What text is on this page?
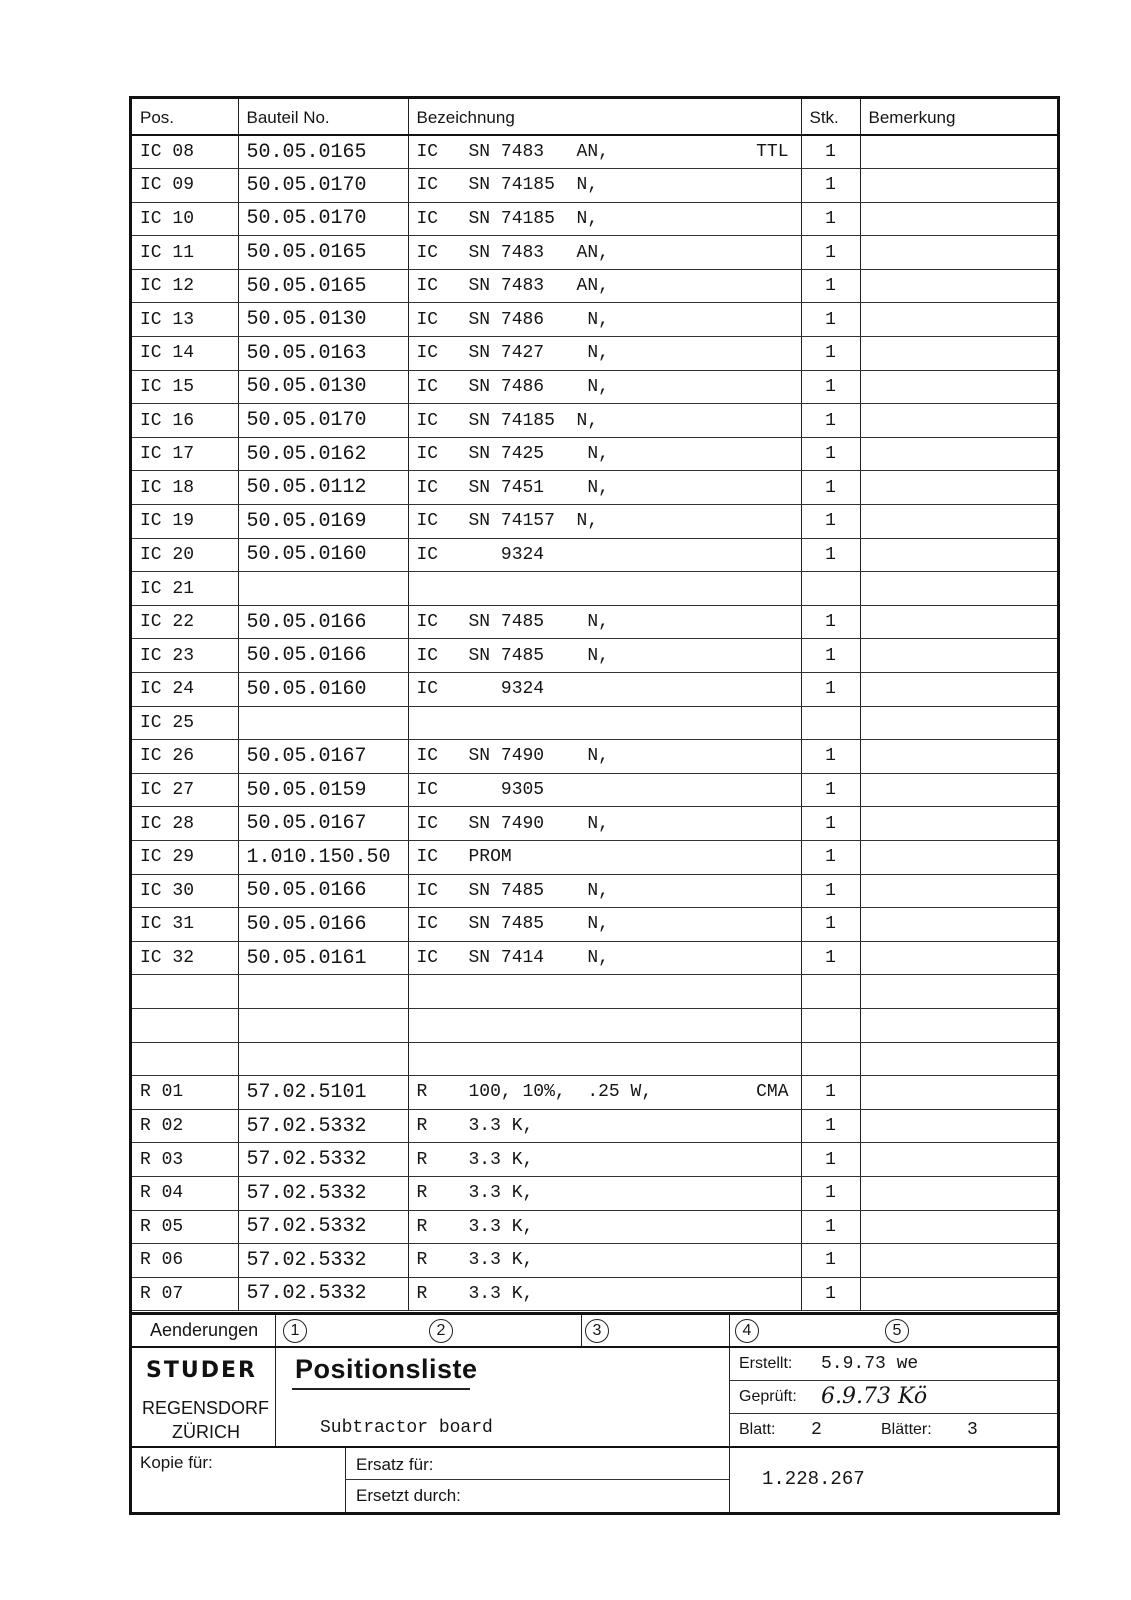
Pos.	Bauteil No.	Bezeichnung	Stk.	Bemerkung
IC 08	50.05.0165	IC SN 7483   AN, TTL	1	
IC 09	50.05.0170	IC SN 74185  N,	1	
IC 10	50.05.0170	IC SN 74185  N,	1	
IC 11	50.05.0165	IC SN 7483   AN,	1	
IC 12	50.05.0165	IC SN 7483   AN,	1	
IC 13	50.05.0130	IC SN 7486    N,	1	
IC 14	50.05.0163	IC SN 7427    N,	1	
IC 15	50.05.0130	IC SN 7486    N,	1	
IC 16	50.05.0170	IC SN 74185  N,	1	
IC 17	50.05.0162	IC SN 7425    N,	1	
IC 18	50.05.0112	IC SN 7451    N,	1	
IC 19	50.05.0169	IC SN 74157  N,	1	
IC 20	50.05.0160	IC 9324	1	
IC 21		

IC 22	50.05.0166	IC SN 7485    N,	1	
IC 23	50.05.0166	IC SN 7485    N,	1	
IC 24	50.05.0160	IC 9324	1	
IC 25		

IC 26	50.05.0167	IC SN 7490    N,	1	
IC 27	50.05.0159	IC 9305	1	
IC 28	50.05.0167	IC SN 7490    N,	1	
IC 29	1.010.150.50	IC PROM	1	
IC 30	50.05.0166	IC SN 7485    N,	1	
IC 31	50.05.0166	IC SN 7485    N,	1	
IC 32	50.05.0161	IC SN 7414    N,	1	

R 01	57.02.5101	R 100, 10%,  .25 W, CMA	1	
R 02	57.02.5332	R 3.3 K,	1	
R 03	57.02.5332	R 3.3 K,	1	
R 04	57.02.5332	R 3.3 K,	1	
R 05	57.02.5332	R 3.3 K,	1	
R 06	57.02.5332	R 3.3 K,	1	
R 07	57.02.5332	R 3.3 K,	1	
Aenderungen	1	2	3	4	5
STUDER
REGENSDORF
ZÜRICH
Positionsliste
Subtractor board
Erstellt: 5.9.73 we
Geprüft: 6.9.73 Kö
Blatt: 2	Blätter: 3
Kopie für:	Ersatz für:
Ersetzt durch:
1.228.267
